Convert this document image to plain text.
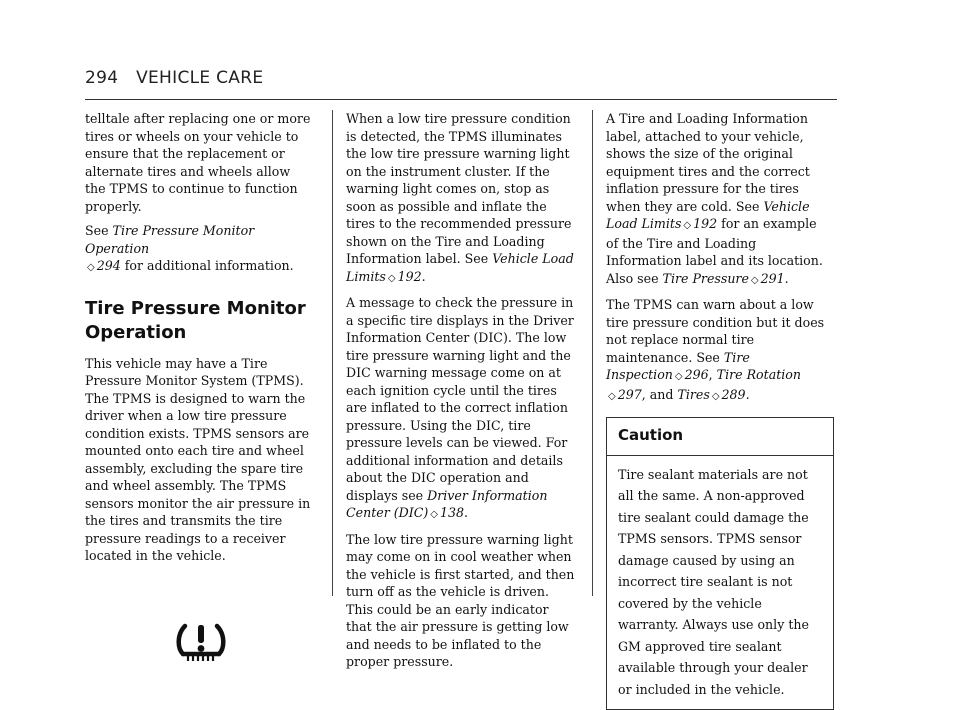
294 VEHICLE CARE

telltale after replacing one or more tires or wheels on your vehicle to ensure that the replacement or alternate tires and wheels allow the TPMS to continue to function properly.

See Tire Pressure Monitor Operation
◇ 294 for additional information.

Tire Pressure Monitor Operation

This vehicle may have a Tire Pressure Monitor System (TPMS). The TPMS is designed to warn the driver when a low tire pressure condition exists. TPMS sensors are mounted onto each tire and wheel assembly, excluding the spare tire and wheel assembly. The TPMS sensors monitor the air pressure in the tires and transmits the tire pressure readings to a receiver located in the vehicle.

When a low tire pressure condition is detected, the TPMS illuminates the low tire pressure warning light on the instrument cluster. If the warning light comes on, stop as soon as possible and inflate the tires to the recommended pressure shown on the Tire and Loading Information label. See Vehicle Load Limits ◇ 192.

A message to check the pressure in a specific tire displays in the Driver Information Center (DIC). The low tire pressure warning light and the DIC warning message come on at each ignition cycle until the tires are inflated to the correct inflation pressure. Using the DIC, tire pressure levels can be viewed. For additional information and details about the DIC operation and displays see Driver Information Center (DIC) ◇ 138.

The low tire pressure warning light may come on in cool weather when the vehicle is first started, and then turn off as the vehicle is driven. This could be an early indicator that the air pressure is getting low and needs to be inflated to the proper pressure.

A Tire and Loading Information label, attached to your vehicle, shows the size of the original equipment tires and the correct inflation pressure for the tires when they are cold. See Vehicle Load Limits ◇ 192 for an example of the Tire and Loading Information label and its location. Also see Tire Pressure ◇ 291.

The TPMS can warn about a low tire pressure condition but it does not replace normal tire maintenance. See Tire Inspection ◇ 296, Tire Rotation
◇ 297, and Tires ◇ 289.

Caution
Tire sealant materials are not all the same. A non-approved tire sealant could damage the TPMS sensors. TPMS sensor damage caused by using an incorrect tire sealant is not covered by the vehicle warranty. Always use only the GM approved tire sealant available through your dealer or included in the vehicle.
